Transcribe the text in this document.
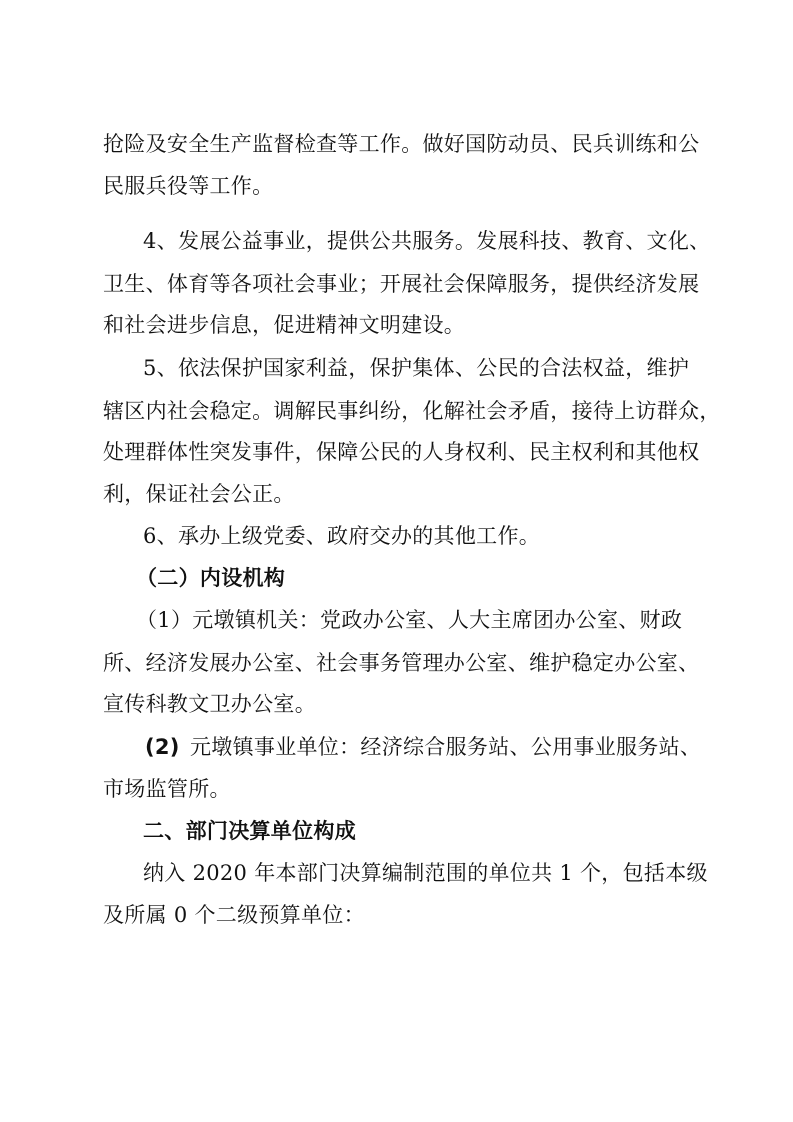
抢险及安全生产监督检查等工作。做好国防动员、民兵训练和公
民服兵役等工作。
4、发展公益事业，提供公共服务。发展科技、教育、文化、
卫生、体育等各项社会事业；开展社会保障服务，提供经济发展
和社会进步信息，促进精神文明建设。
5、依法保护国家利益，保护集体、公民的合法权益，维护
辖区内社会稳定。调解民事纠纷，化解社会矛盾，接待上访群众，
处理群体性突发事件，保障公民的人身权利、民主权利和其他权
利，保证社会公正。
6、承办上级党委、政府交办的其他工作。
（二）内设机构
（1）元墩镇机关：党政办公室、人大主席团办公室、财政
所、经济发展办公室、社会事务管理办公室、维护稳定办公室、
宣传科教文卫办公室。
(2) 元墩镇事业单位：经济综合服务站、公用事业服务站、
市场监管所。
二、部门决算单位构成
纳入 2020 年本部门决算编制范围的单位共 1 个，包括本级
及所属 0 个二级预算单位：
